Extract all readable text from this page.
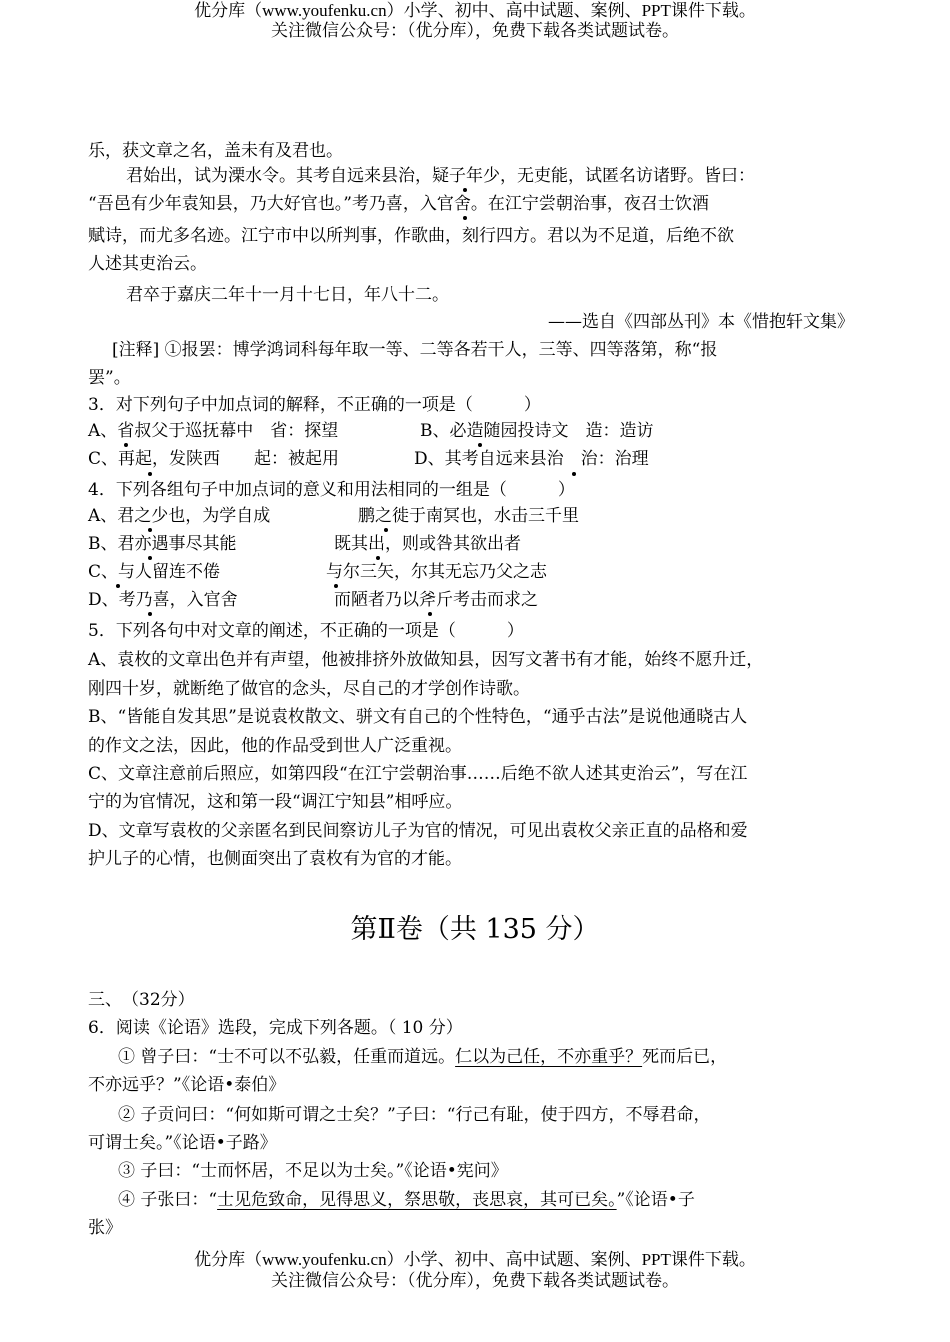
优分库（www.youfenku.cn）小学、初中、高中试题、案例、PPT课件下载。
关注微信公众号：（优分库），免费下载各类试题试卷。
乐，获文章之名，盖未有及君也。
君始出，试为溧水令。其考自远来县治，疑子年少，无吏能，试匿名访诸野。皆曰：
“吾邑有少年袁知县，乃大好官也。”考乃喜，入官舍。在江宁尝朝治事，夜召士饮酒
赋诗，而尤多名迹。江宁市中以所判事，作歌曲，刻行四方。君以为不足道，后绝不欲
人述其吏治云。
君卒于嘉庆二年十一月十七日，年八十二。
——选自《四部丛刊》本《惜抱轩文集》
[注释] ①报罢：博学鸿词科每年取一等、二等各若干人，三等、四等落第，称“报
罢”。
3．对下列句子中加点词的解释，不正确的一项是（　　　）
A、省叔父于巡抚幕中　省：探望	B、必造随园投诗文　造：造访
C、再起，发陕西　　起：被起用	D、其考自远来县治　治：治理
4．下列各组句子中加点词的意义和用法相同的一组是（　　　）
A、君之少也，为学自成	鹏之徙于南冥也，水击三千里
B、君亦遇事尽其能	既其出，则或咎其欲出者
C、与人留连不倦	与尔三矢，尔其无忘乃父之志
D、考乃喜，入官舍	而陋者乃以斧斤考击而求之
5．下列各句中对文章的阐述，不正确的一项是（　　　）
A、袁枚的文章出色并有声望，他被排挤外放做知县，因写文著书有才能，始终不愿升迁，
刚四十岁，就断绝了做官的念头，尽自己的才学创作诗歌。
B、“皆能自发其思”是说袁枚散文、骈文有自己的个性特色，“通乎古法”是说他通晓古人
的作文之法，因此，他的作品受到世人广泛重视。
C、文章注意前后照应，如第四段“在江宁尝朝治事……后绝不欲人述其吏治云”，写在江
宁的为官情况，这和第一段“调江宁知县”相呼应。
D、文章写袁枚的父亲匿名到民间察访儿子为官的情况，可见出袁枚父亲正直的品格和爱
护儿子的心情，也侧面突出了袁枚有为官的才能。
第Ⅱ卷（共 135 分）
三、　（32分）
6．阅读《论语》选段，完成下列各题。（ 10 分）
① 曾子曰：“士不可以不弘毅，任重而道远。仁以为己任，不亦重乎？死而后已，
不亦远乎？”《论语•泰伯》
② 子贡问曰：“何如斯可谓之士矣？”子曰：“行己有耻，使于四方，不辱君命，
可谓士矣。”《论语•子路》
③ 子曰：“士而怀居，不足以为士矣。”《论语•宪问》
④ 子张曰：“士见危致命，见得思义，祭思敬，丧思哀，其可已矣。”《论语•子
张》
优分库（www.youfenku.cn）小学、初中、高中试题、案例、PPT课件下载。
关注微信公众号：（优分库），免费下载各类试题试卷。
